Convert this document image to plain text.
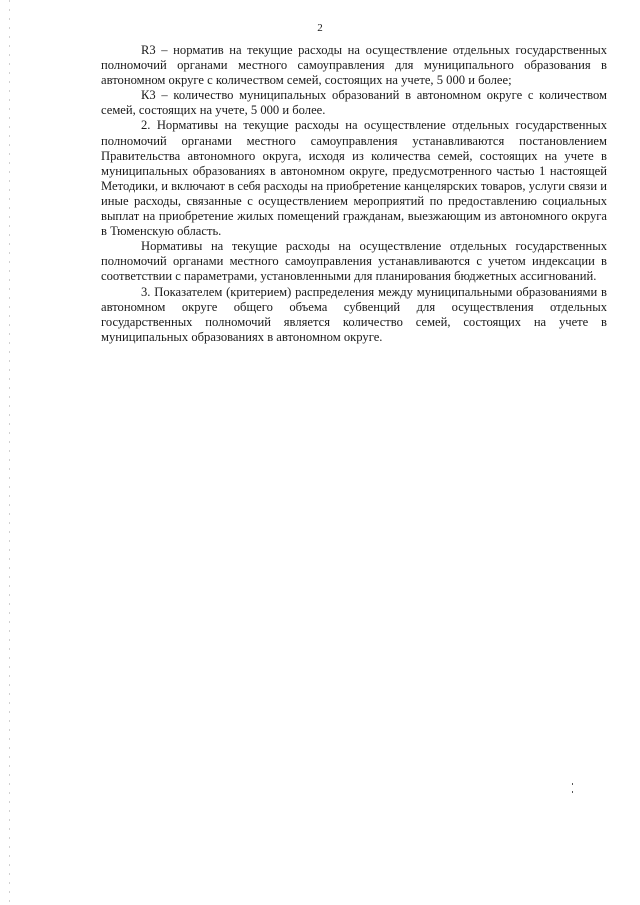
2

R3 – норматив на текущие расходы на осуществление отдельных государственных полномочий органами местного самоуправления для муниципального образования в автономном округе с количеством семей, состоящих на учете, 5 000 и более;

К3 – количество муниципальных образований в автономном округе с количеством семей, состоящих на учете, 5 000 и более.

2. Нормативы на текущие расходы на осуществление отдельных государственных полномочий органами местного самоуправления устанавливаются постановлением Правительства автономного округа, исходя из количества семей, состоящих на учете в муниципальных образованиях в автономном округе, предусмотренного частью 1 настоящей Методики, и включают в себя расходы на приобретение канцелярских товаров, услуги связи и иные расходы, связанные с осуществлением мероприятий по предоставлению социальных выплат на приобретение жилых помещений гражданам, выезжающим из автономного округа в Тюменскую область.

Нормативы на текущие расходы на осуществление отдельных государственных полномочий органами местного самоуправления устанавливаются с учетом индексации в соответствии с параметрами, установленными для планирования бюджетных ассигнований.

3. Показателем (критерием) распределения между муниципальными образованиями в автономном округе общего объема субвенций для осуществления отдельных государственных полномочий является количество семей, состоящих на учете в муниципальных образованиях в автономном округе.
